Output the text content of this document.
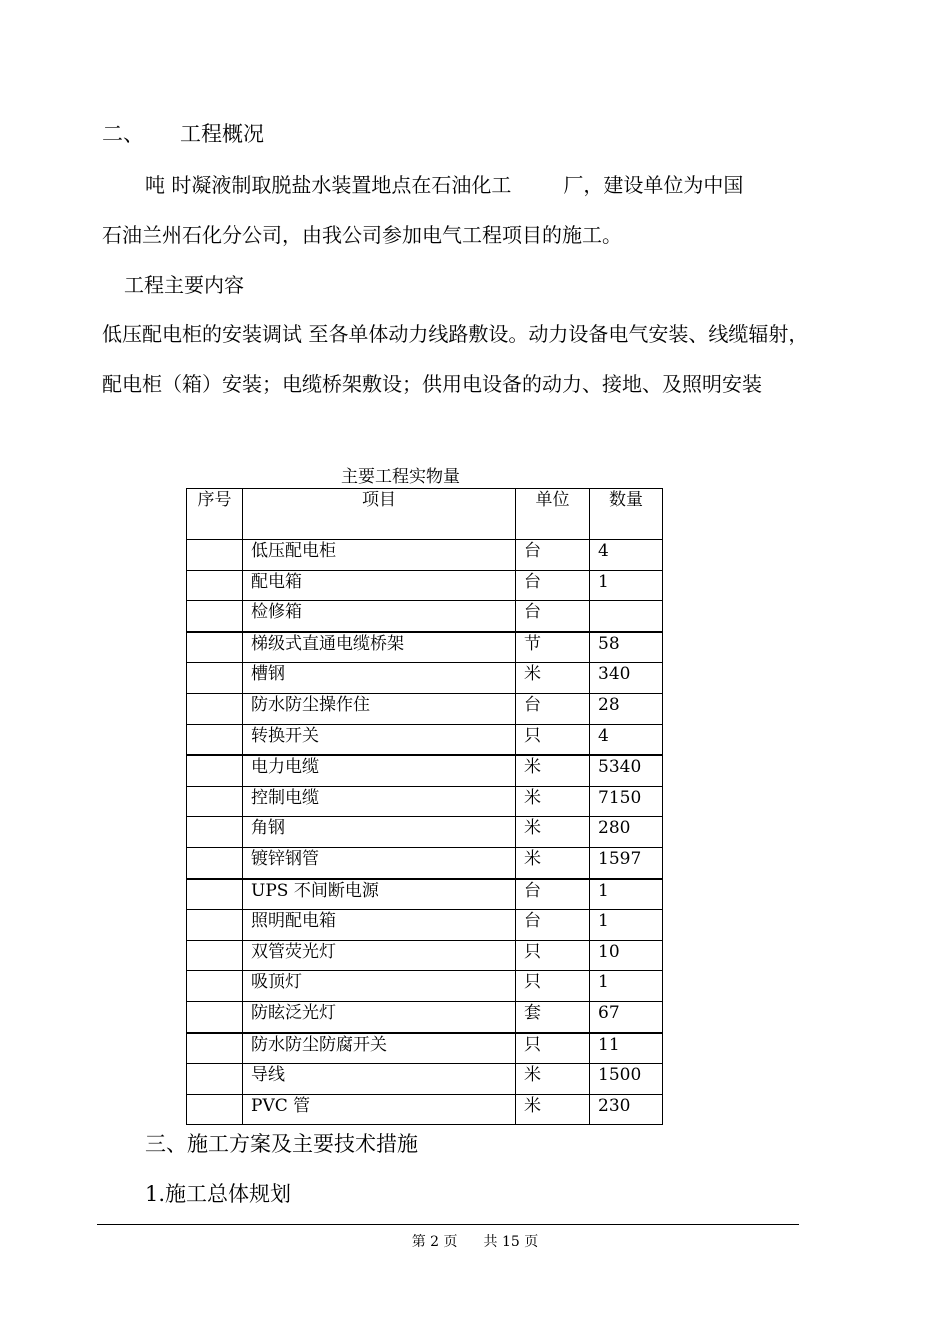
二、 工程概况
吨 时凝液制取脱盐水装置地点在石油化工	厂，建设单位为中国
石油兰州石化分公司，由我公司参加电气工程项目的施工。
工程主要内容
低压配电柜的安装调试 至各单体动力线路敷设。动力设备电气安装、线缆辐射，配电柜（箱）安装；电缆桥架敷设；供用电设备的动力、接地、及照明安装
主要工程实物量
序号	项目	单位	数量
	低压配电柜	台	4
	配电箱	台	1
	检修箱	台	
	梯级式直通电缆桥架	节	58
	槽钢	米	340
	防水防尘操作住	台	28
	转换开关	只	4
	电力电缆	米	5340
	控制电缆	米	7150
	角钢	米	280
	镀锌钢管	米	1597
	UPS 不间断电源	台	1
	照明配电箱	台	1
	双管荧光灯	只	10
	吸顶灯	只	1
	防眩泛光灯	套	67
	防水防尘防腐开关	只	11
	导线	米	1500
	PVC 管	米	230
三、施工方案及主要技术措施
1.施工总体规划
第 2 页 共 15 页
